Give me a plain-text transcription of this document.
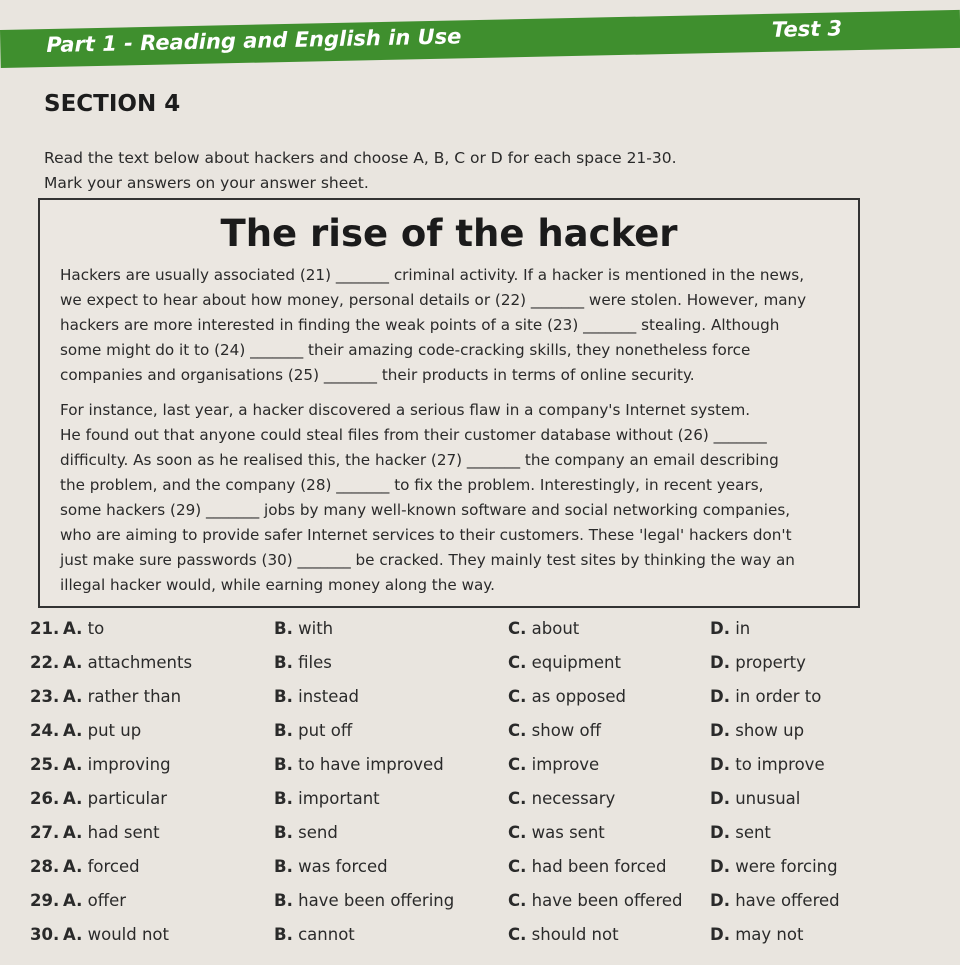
Part 1 - Reading and English in Use	Test 3
SECTION 4
Read the text below about hackers and choose A, B, C or D for each space 21-30.
Mark your answers on your answer sheet.
The rise of the hacker
Hackers are usually associated (21) _______ criminal activity. If a hacker is mentioned in the news,
we expect to hear about how money, personal details or (22) _______ were stolen. However, many
hackers are more interested in finding the weak points of a site (23) _______ stealing. Although
some might do it to (24) _______ their amazing code-cracking skills, they nonetheless force
companies and organisations (25) _______ their products in terms of online security.
For instance, last year, a hacker discovered a serious flaw in a company's Internet system.
He found out that anyone could steal files from their customer database without (26) _______
difficulty. As soon as he realised this, the hacker (27) _______ the company an email describing
the problem, and the company (28) _______ to fix the problem. Interestingly, in recent years,
some hackers (29) _______ jobs by many well-known software and social networking companies,
who are aiming to provide safer Internet services to their customers. These 'legal' hackers don't
just make sure passwords (30) _______ be cracked. They mainly test sites by thinking the way an
illegal hacker would, while earning money along the way.
21. A. to	B. with	C. about	D. in
22. A. attachments	B. files	C. equipment	D. property
23. A. rather than	B. instead	C. as opposed	D. in order to
24. A. put up	B. put off	C. show off	D. show up
25. A. improving	B. to have improved	C. improve	D. to improve
26. A. particular	B. important	C. necessary	D. unusual
27. A. had sent	B. send	C. was sent	D. sent
28. A. forced	B. was forced	C. had been forced	D. were forcing
29. A. offer	B. have been offering	C. have been offered D. have offered
30. A. would not	B. cannot	C. should not	D. may not
